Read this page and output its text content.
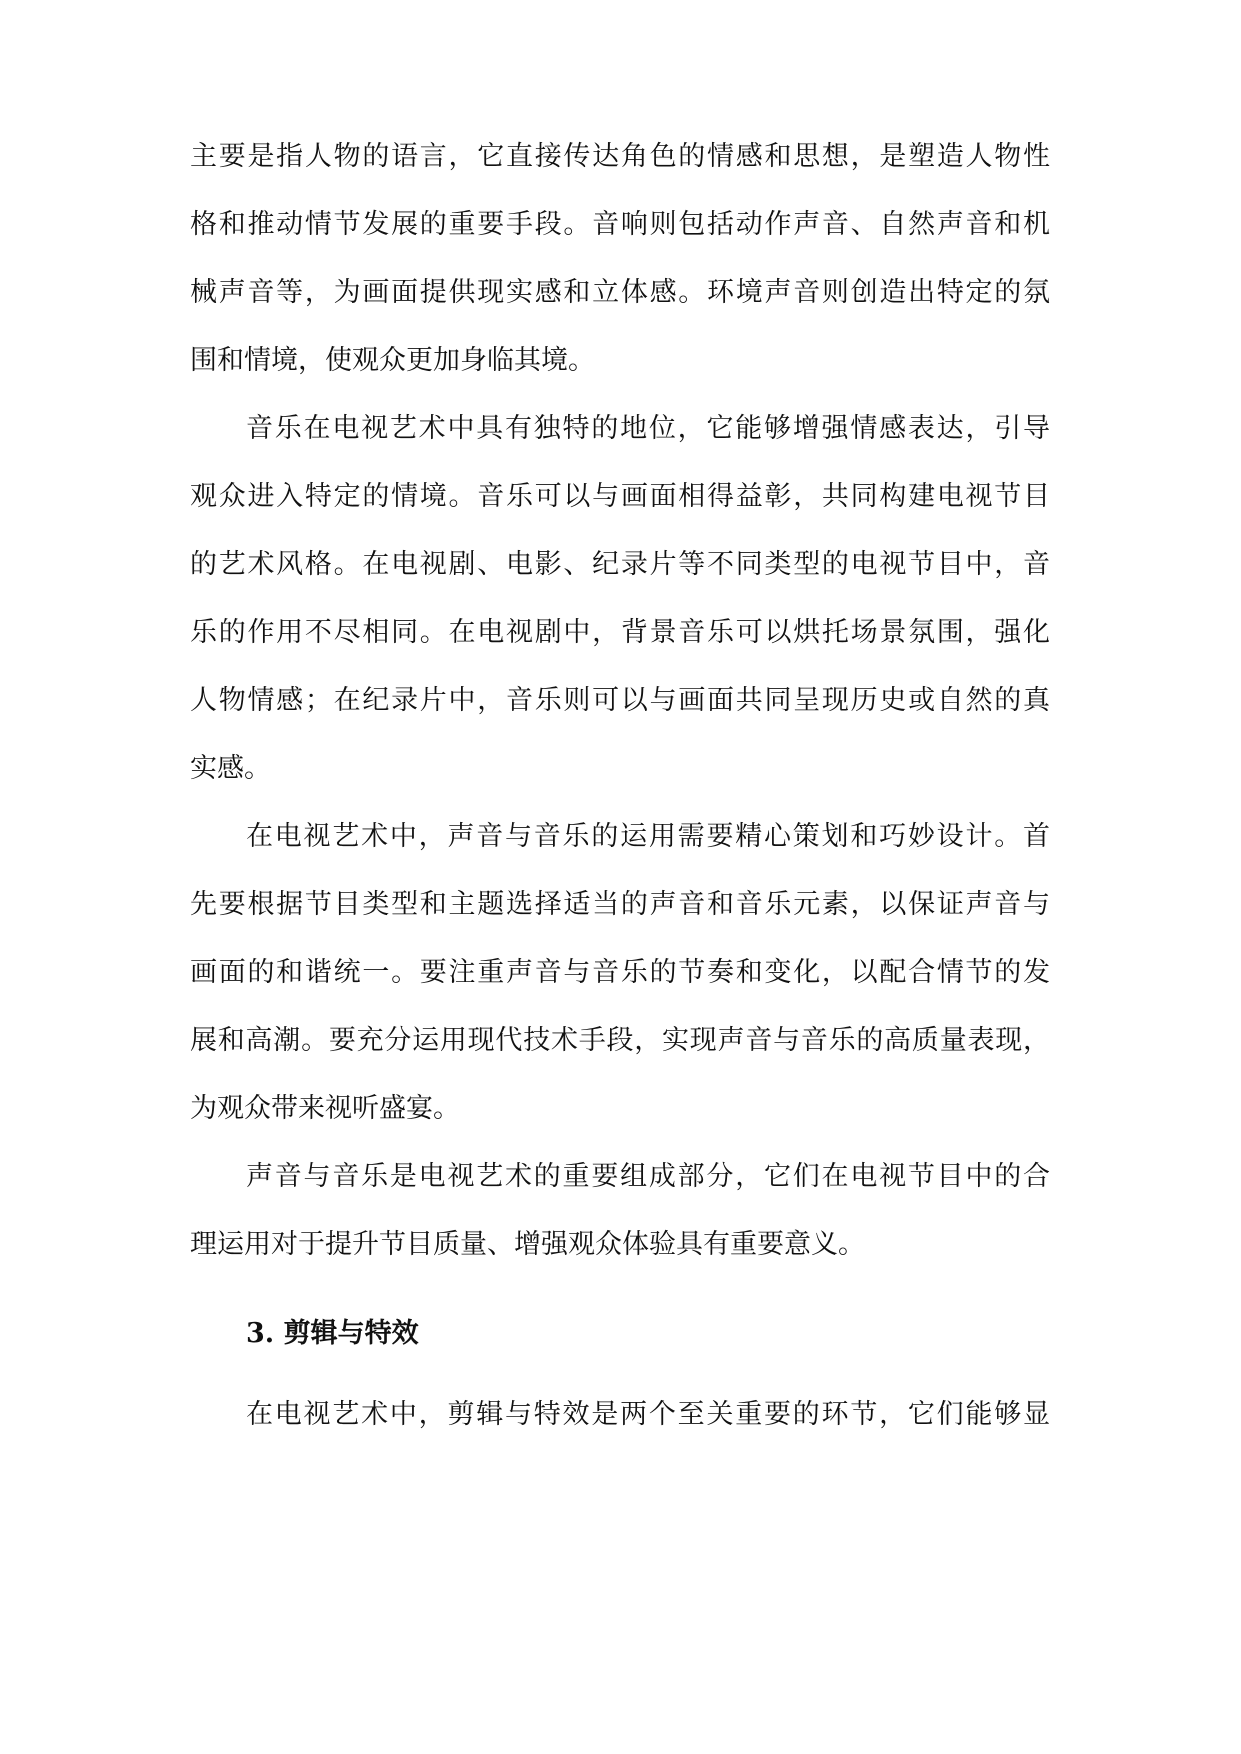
主要是指人物的语言，它直接传达角色的情感和思想，是塑造人物性
格和推动情节发展的重要手段。音响则包括动作声音、自然声音和机
械声音等，为画面提供现实感和立体感。环境声音则创造出特定的氛
围和情境，使观众更加身临其境。
音乐在电视艺术中具有独特的地位，它能够增强情感表达，引导
观众进入特定的情境。音乐可以与画面相得益彰，共同构建电视节目
的艺术风格。在电视剧、电影、纪录片等不同类型的电视节目中，音
乐的作用不尽相同。在电视剧中，背景音乐可以烘托场景氛围，强化
人物情感；在纪录片中，音乐则可以与画面共同呈现历史或自然的真
实感。
在电视艺术中，声音与音乐的运用需要精心策划和巧妙设计。首
先要根据节目类型和主题选择适当的声音和音乐元素，以保证声音与
画面的和谐统一。要注重声音与音乐的节奏和变化，以配合情节的发
展和高潮。要充分运用现代技术手段，实现声音与音乐的高质量表现，
为观众带来视听盛宴。
声音与音乐是电视艺术的重要组成部分，它们在电视节目中的合
理运用对于提升节目质量、增强观众体验具有重要意义。
3. 剪辑与特效
在电视艺术中，剪辑与特效是两个至关重要的环节，它们能够显
